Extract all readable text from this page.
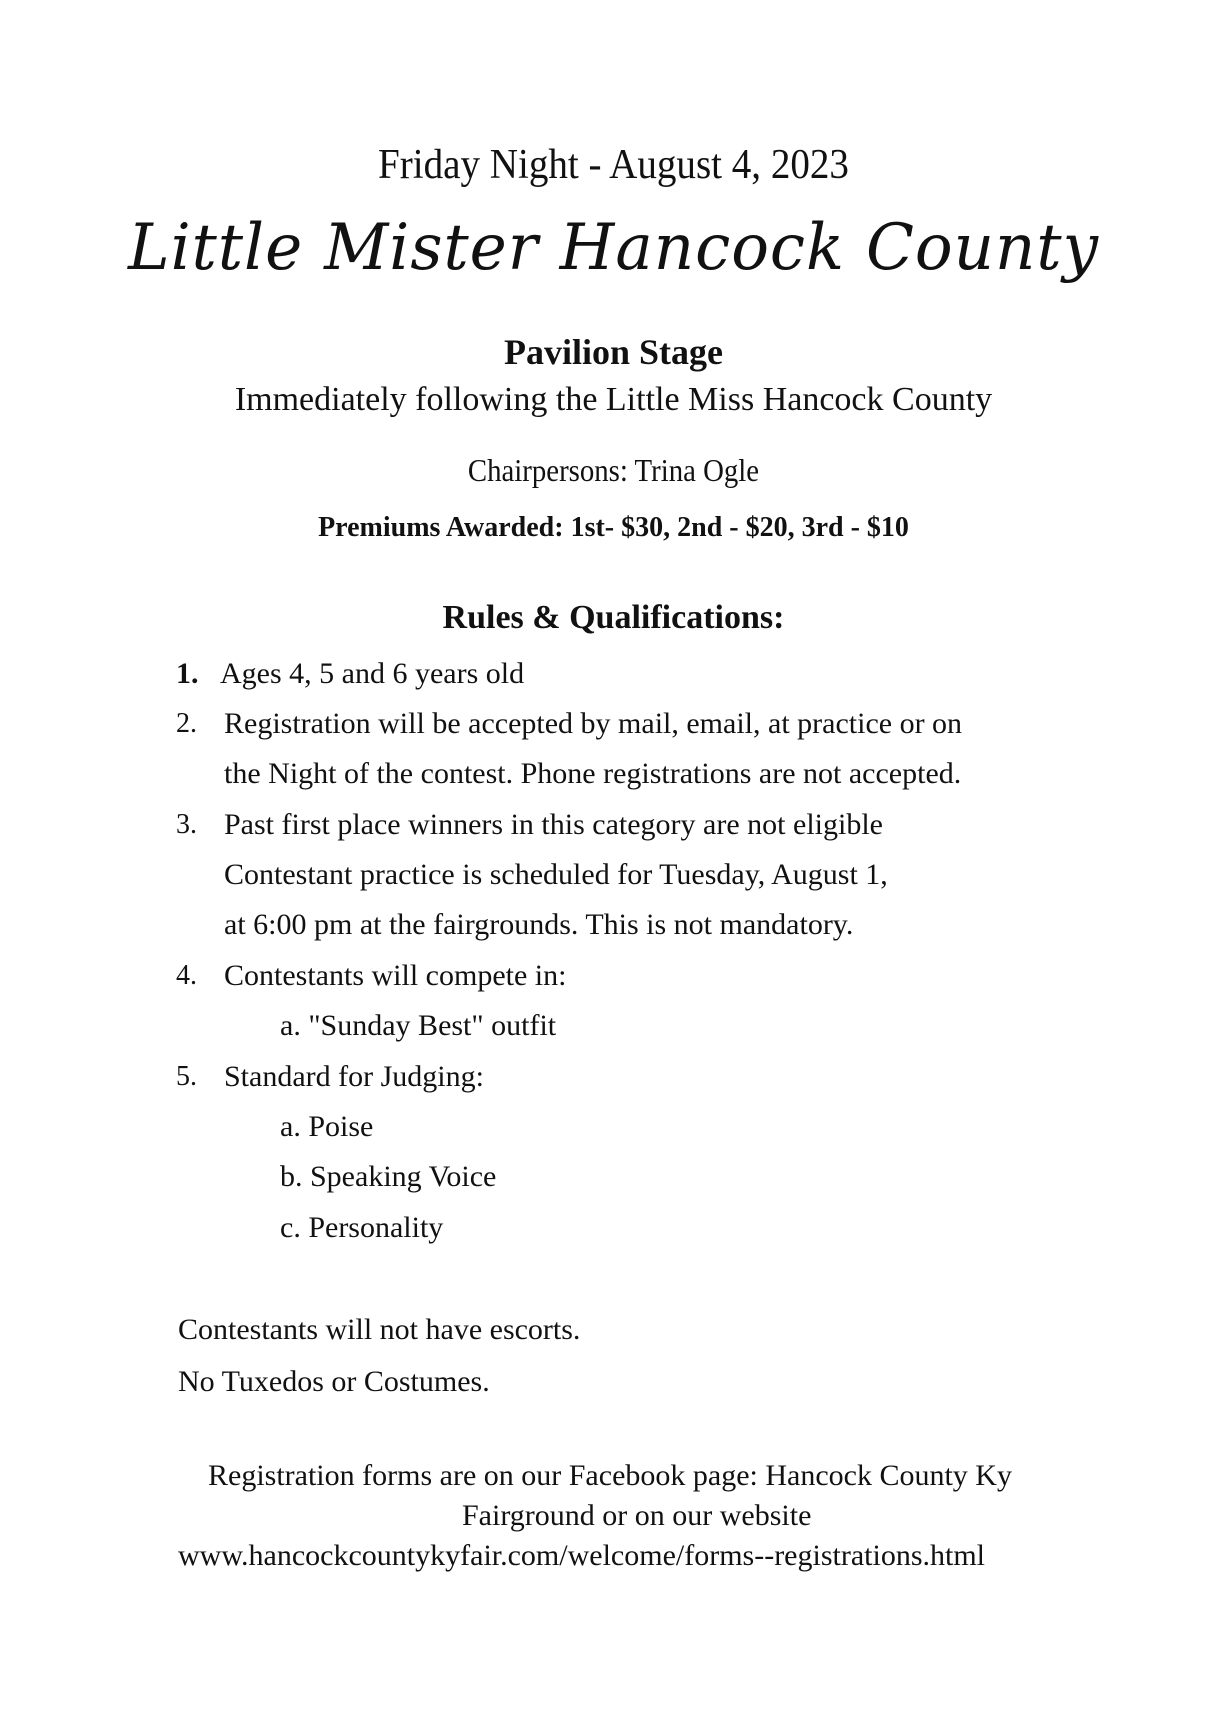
Friday Night - August 4, 2023
Little Mister Hancock County
Pavilion Stage
Immediately following the Little Miss Hancock County
Chairpersons: Trina Ogle
Premiums Awarded: 1st- $30, 2nd - $20, 3rd - $10
Rules & Qualifications:
1. Ages 4, 5 and 6 years old
2. Registration will be accepted by mail, email, at practice or on
the Night of the contest. Phone registrations are not accepted.
3. Past first place winners in this category are not eligible
Contestant practice is scheduled for Tuesday, August 1,
at 6:00 pm at the fairgrounds. This is not mandatory.
4. Contestants will compete in:
a. "Sunday Best" outfit
5. Standard for Judging:
a. Poise
b. Speaking Voice
c. Personality
Contestants will not have escorts.
No Tuxedos or Costumes.
Registration forms are on our Facebook page: Hancock County Ky
Fairground or on our website
www.hancockcountykyfair.com/welcome/forms--registrations.html
